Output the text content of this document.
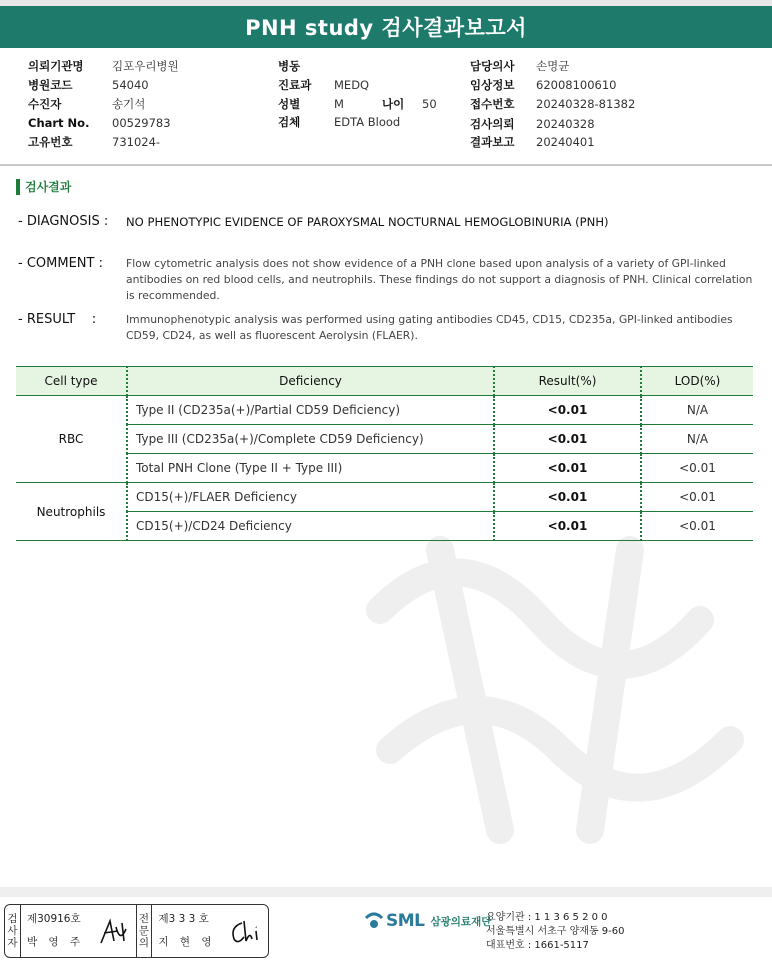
PNH study 검사결과보고서
의뢰기관명	김포우리병원
병원코드	54040
수진자	송기석
Chart No.	00529783
고유번호	731024-
병동
진료과	MEDQ
성별	M	나이	50
검체	EDTA Blood
담당의사	손명균
임상정보	62008100610
접수번호	20240328-81382
검사의뢰	20240328
결과보고	20240401
검사결과
- DIAGNOSIS :	NO PHENOTYPIC EVIDENCE OF PAROXYSMAL NOCTURNAL HEMOGLOBINURIA (PNH)
- COMMENT :	Flow cytometric analysis does not show evidence of a PNH clone based upon analysis of a variety of GPI-linked antibodies on red blood cells, and neutrophils. These findings do not support a diagnosis of PNH. Clinical correlation is recommended.
- RESULT    :	Immunophenotypic analysis was performed using gating antibodies CD45, CD15, CD235a, GPI-linked antibodies CD59, CD24, as well as fluorescent Aerolysin (FLAER).
Cell type	Deficiency	Result(%)	LOD(%)
RBC	Type II (CD235a(+)/Partial CD59 Deficiency)	<0.01	N/A
	Type III (CD235a(+)/Complete CD59 Deficiency)	<0.01	N/A
	Total PNH Clone (Type II + Type III)	<0.01	<0.01
Neutrophils	CD15(+)/FLAER Deficiency	<0.01	<0.01
	CD15(+)/CD24 Deficiency	<0.01	<0.01
검
사
자
제30916호
박 영 주
전
문
의
제3 3 3 호
지 현 영
SML 삼광의료재단
요양기관 : 1 1 3 6 5 2 0 0
서울특별시 서초구 양재동 9-60
대표번호 : 1661-5117
